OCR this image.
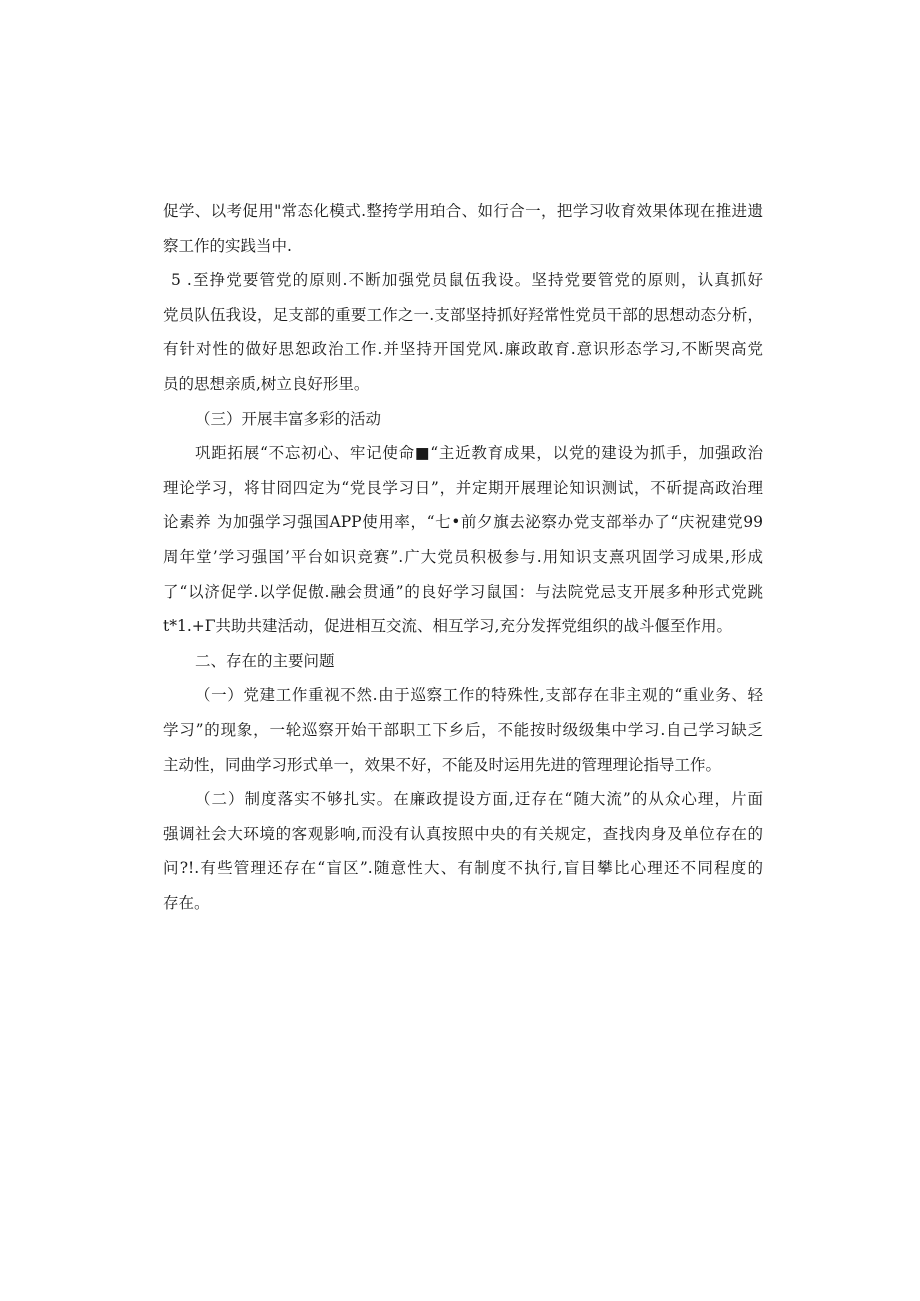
促学、以考促用"常态化模式.整挎学用珀合、如行合一，把学习收育效果体现在推进遗
察工作的实践当中.
5 .至挣党要管党的原则.不断加强党员鼠伍我设。坚持党要管党的原则，认真抓好
党员队伍我设，足支部的重要工作之一.支部坚持抓好羟常性党员干部的思想动态分析，
有针对性的做好思恕政治工作.并坚持开国党风.廉政敢育.意识形态学习,不断哭高党
员的思想亲质,树立良好形里。
（三）开展丰富多彩的活动
巩距拓展“不忘初心、牢记使命■“主近教育成果，以党的建设为抓手，加强政治
理论学习，将甘冏四定为“党艮学习日”，并定期开展理论知识测试，不斫提高政治理
论素养 为加强学习强国APP使用率，“七•前夕旗去泌察办党支部举办了“庆祝建党99
周年堂’学习强国’平台如识竞赛”.广大党员积极参与.用知识支熹巩固学习成果,形成
了“以济促学.以学促傲.融会贯通”的良好学习鼠国：与法院党忌支开展多种形式党跳
t*1.+Γ共助共建活动，促进相互交流、相互学习,充分发挥党组织的战斗偃至作用。
二、存在的主要问题
（一）党建工作重视不然.由于巡察工作的特殊性,支部存在非主观的“重业务、轻
学习”的现象，一轮巡察开始干部职工下乡后，不能按时级级集中学习.自己学习缺乏
主动性，同曲学习形式单一，效果不好，不能及时运用先进的管理理论指导工作。
（二）制度落实不够扎实。在廉政提设方面,迂存在“随大流”的从众心理，片面
强调社会大环境的客观影响,而没有认真按照中央的有关规定，查找肉身及单位存在的
问?!.有些管理还存在“盲区”.随意性大、有制度不执行,盲目攀比心理还不同程度的
存在。
